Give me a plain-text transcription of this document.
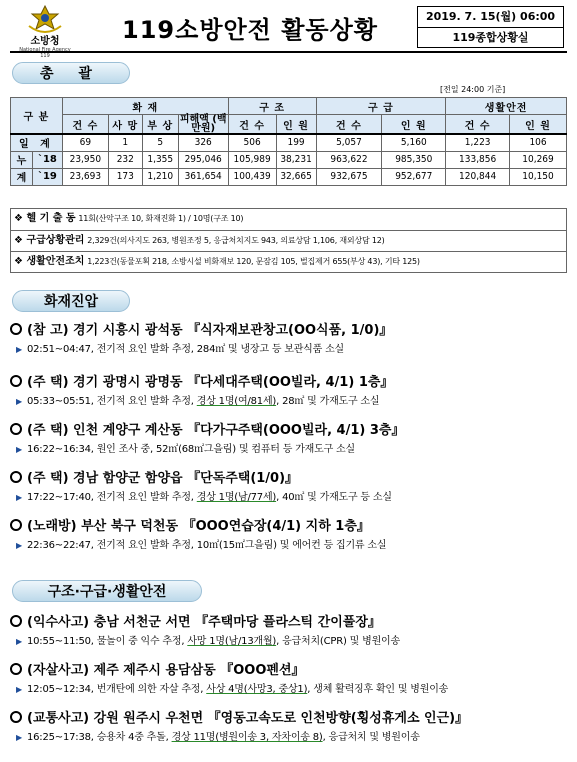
소방청
National Fire Agency 119
119소방안전 활동상황	2019. 7. 15(월) 06:00
119종합상황실
총 괄
[전일 24:00 기준]
구 분		화 재				구 조		구 급		생활안전	
		건 수	사 망	부 상	피해액 (백만원)	건 수	인 원	건 수	인 원	건 수	인 원
일 계		69	1	5	326	506	199	5,057	5,160	1,223	106
누	`18	23,950	232	1,355	295,046	105,989	38,231	963,622	985,350	133,856	10,269
계	`19	23,693	173	1,210	361,654	100,439	32,665	932,675	952,677	120,844	10,150
❖ 헬 기 출 동 11회(산악구조 10, 화재진화 1) / 10명(구조 10)
❖ 구급상황관리 2,329건(의사지도 263, 병원조정 5, 응급처치지도 943, 의료상담 1,106, 재외상담 12)
❖ 생활안전조치 1,223건(동물포획 218, 소방시설 비화재보 120, 문잠김 105, 벌집제거 655(부상 43), 기타 125)
화재진압
(참 고) 경기 시흥시 광석동 『식자재보관창고(OO식품, 1/0)』
▶ 02:51~04:47, 전기적 요인 발화 추정, 284㎡ 및 냉장고 등 보관식품 소실
(주 택) 경기 광명시 광명동 『다세대주택(OO빌라, 4/1) 1층』
▶ 05:33~05:51, 전기적 요인 발화 추정, 경상 1명(여/81세), 28㎡ 및 가재도구 소실
(주 택) 인천 계양구 계산동 『다가구주택(OOO빌라, 4/1) 3층』
▶ 16:22~16:34, 원인 조사 중, 52㎡(68㎡그을림) 및 컴퓨터 등 가재도구 소실
(주 택) 경남 함양군 함양읍 『단독주택(1/0)』
▶ 17:22~17:40, 전기적 요인 발화 추정, 경상 1명(남/77세), 40㎡ 및 가재도구 등 소실
(노래방) 부산 북구 덕천동 『OOO연습장(4/1) 지하 1층』
▶ 22:36~22:47, 전기적 요인 발화 추정, 10㎡(15㎡그을림) 및 에어컨 등 집기류 소실
구조·구급·생활안전
(익수사고) 충남 서천군 서면 『주택마당 플라스틱 간이풀장』
▶ 10:55~11:50, 물놀이 중 익수 추정, 사망 1명(남/13개월), 응급처치(CPR) 및 병원이송
(자살사고) 제주 제주시 용담삼동 『OOO펜션』
▶ 12:05~12:34, 번개탄에 의한 자살 추정, 사상 4명(사망3, 중상1), 생체 활력징후 확인 및 병원이송
(교통사고) 강원 원주시 우천면 『영동고속도로 인천방향(횡성휴게소 인근)』
▶ 16:25~17:38, 승용차 4중 추돌, 경상 11명(병원이송 3, 자차이송 8), 응급처치 및 병원이송
